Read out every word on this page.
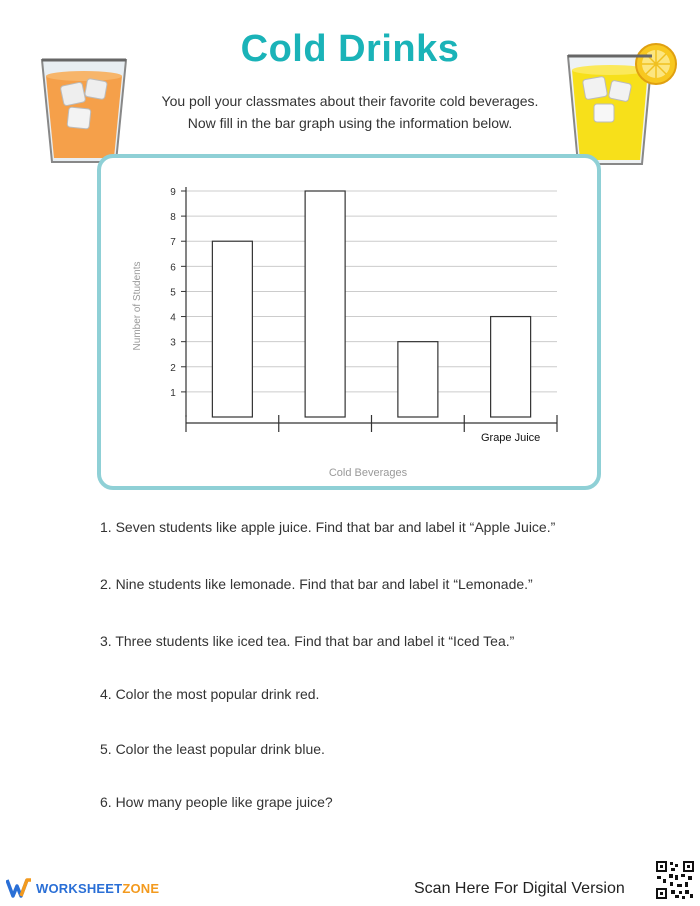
Cold Drinks
You poll your classmates about their favorite cold beverages.
Now fill in the bar graph using the information below.
1
2
3
4
5
6
7
8
9
Grape Juice
Number of Students
Cold Beverages
1. Seven students like apple juice. Find that bar and label it “Apple Juice.”
2. Nine students like lemonade. Find that bar and label it “Lemonade.”
3. Three students like iced tea. Find that bar and label it “Iced Tea.”
4. Color the most popular drink red.
5. Color the least popular drink blue.
6. How many people like grape juice?
WORKSHEETZONE	Scan Here For Digital Version
